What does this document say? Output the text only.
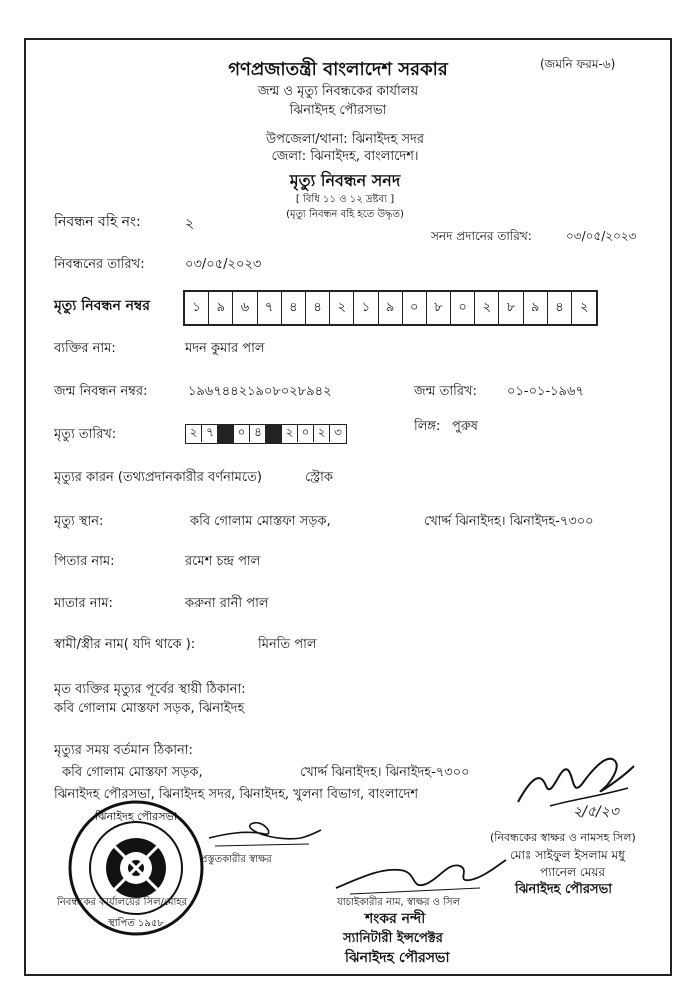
(জমনি ফরম-৬)
গণপ্রজাতন্ত্রী বাংলাদেশ সরকার
জন্ম ও মৃত্যু নিবন্ধকের কার্যালয়
ঝিনাইদহ পৌরসভা
উপজেলা/থানা: ঝিনাইদহ সদর
জেলা: ঝিনাইদহ, বাংলাদেশ।
মৃত্যু নিবন্ধন সনদ
[ বিধি ১১ ও ১২ দ্রষ্টব্য ]
(মৃত্যু নিবন্ধন বহি হতে উদ্ধৃত)
নিবন্ধন বহি নং:	২
সনদ প্রদানের তারিখ:	০৩/০৫/২০২৩
নিবন্ধনের তারিখ:	০৩/০৫/২০২৩
মৃত্যু নিবন্ধন নম্বর	১	৯	৬	৭	৪	৪	২	১	৯	০	৮	০	২	৮	৯	৪	২
ব্যক্তির নাম:	মদন কুমার পাল
জন্ম নিবন্ধন নম্বর:	১৯৬৭৪৪২১৯০৮০২৮৯৪২	জন্ম তারিখ: ০১-০১-১৯৬৭
মৃত্যু তারিখ:	২ ৭	০ ৪	২ ০ ২ ৩	লিঙ্গ: পুরুষ
মৃত্যুর কারন (তথ্যপ্রদানকারীর বর্ণনামতে)	স্ট্রোক
মৃত্যু স্থান:	কবি গোলাম মোস্তফা সড়ক,	খোর্দ্দ ঝিনাইদহ। ঝিনাইদহ-৭৩০০
পিতার নাম:	রমেশ চন্দ্র পাল
মাতার নাম:	করুনা রানী পাল
স্বামী/স্ত্রীর নাম( যদি থাকে ):	মিনতি পাল
মৃত ব্যক্তির মৃত্যুর পূর্বের স্থায়ী ঠিকানা:
কবি গোলাম মোস্তফা সড়ক, ঝিনাইদহ
মৃত্যুর সময় বর্তমান ঠিকানা:
কবি গোলাম মোস্তফা সড়ক,	খোর্দ্দ ঝিনাইদহ। ঝিনাইদহ-৭৩০০
ঝিনাইদহ পৌরসভা, ঝিনাইদহ সদর, ঝিনাইদহ, খুলনা বিভাগ, বাংলাদেশ
২/৫/২৩
(নিবন্ধকের স্বাক্ষর ও নামসহ সিল)
মোঃ সাইফুল ইসলাম মধু
প্যানেল মেয়র
ঝিনাইদহ পৌরসভা
প্রস্তুতকারীর স্বাক্ষর
যাচাইকারীর নাম, স্বাক্ষর ও সিল
শংকর নন্দী
স্যানিটারী ইন্সপেক্টর
ঝিনাইদহ পৌরসভা
ঝিনাইদহ পৌরসভা
স্থাপিত ১৯৫৮
নিবন্ধকের কার্যালয়ের সিল/মোহর
